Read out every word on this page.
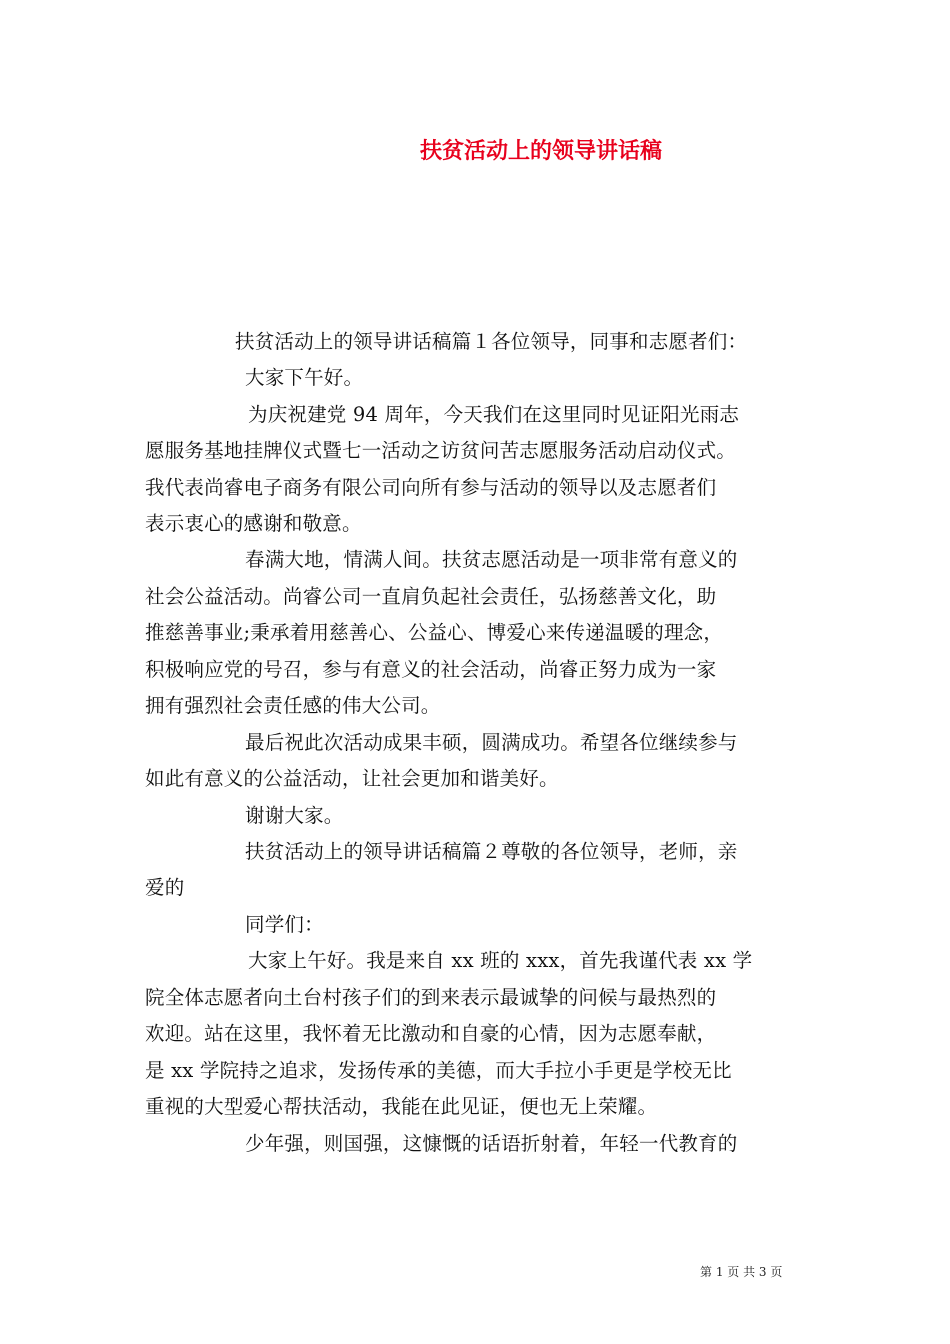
扶贫活动上的领导讲话稿
扶贫活动上的领导讲话稿篇１各位领导，同事和志愿者们：
大家下午好。
为庆祝建党 94 周年，今天我们在这里同时见证阳光雨志
愿服务基地挂牌仪式暨七一活动之访贫问苦志愿服务活动启动仪式。
我代表尚睿电子商务有限公司向所有参与活动的领导以及志愿者们
表示衷心的感谢和敬意。
春满大地，情满人间。扶贫志愿活动是一项非常有意义的
社会公益活动。尚睿公司一直肩负起社会责任，弘扬慈善文化，助
推慈善事业;秉承着用慈善心、公益心、博爱心来传递温暖的理念，
积极响应党的号召，参与有意义的社会活动，尚睿正努力成为一家
拥有强烈社会责任感的伟大公司。
最后祝此次活动成果丰硕，圆满成功。希望各位继续参与
如此有意义的公益活动，让社会更加和谐美好。
谢谢大家。
扶贫活动上的领导讲话稿篇２尊敬的各位领导，老师，亲
爱的
同学们：
大家上午好。我是来自 xx 班的 xxx，首先我谨代表 xx 学
院全体志愿者向土台村孩子们的到来表示最诚挚的问候与最热烈的
欢迎。站在这里，我怀着无比激动和自豪的心情，因为志愿奉献，
是 xx 学院持之追求，发扬传承的美德，而大手拉小手更是学校无比
重视的大型爱心帮扶活动，我能在此见证，便也无上荣耀。
少年强，则国强，这慷慨的话语折射着，年轻一代教育的
第 1 页 共 3 页
